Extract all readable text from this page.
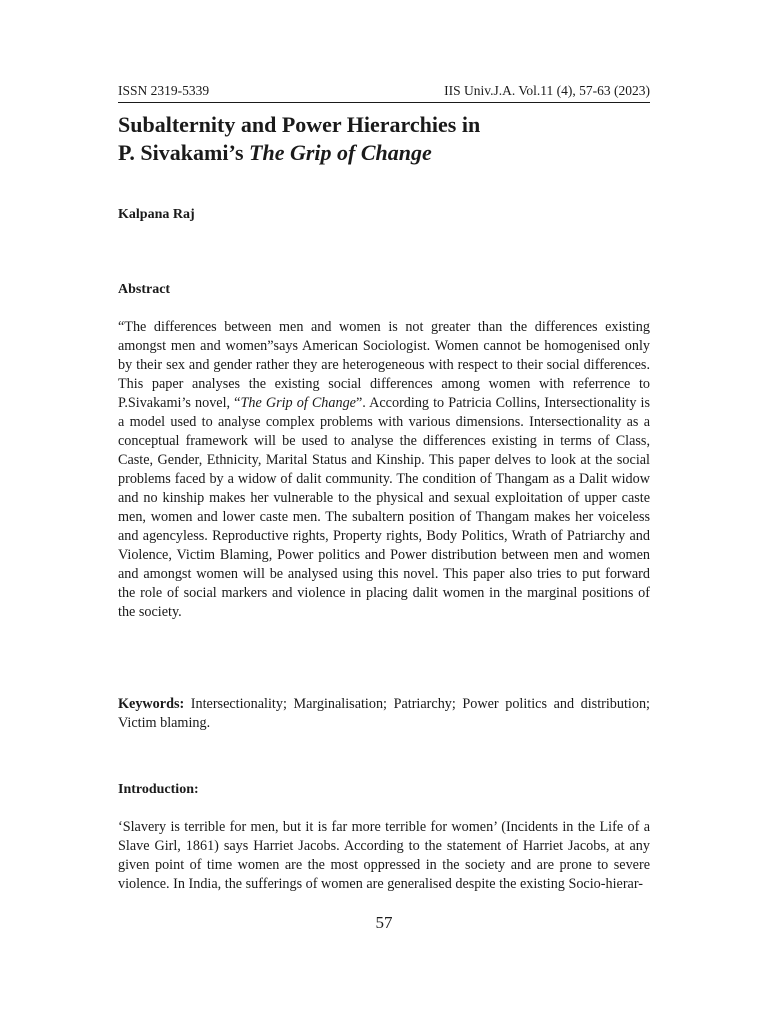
ISSN 2319-5339	IIS Univ.J.A. Vol.11 (4), 57-63 (2023)
Subalternity and Power Hierarchies in
P. Sivakami’s The Grip of Change
Kalpana Raj
Abstract

“The differences between men and women is not greater than the differences existing amongst men and women”says American Sociologist. Women cannot be homogenised only by their sex and gender rather they are heterogeneous with respect to their social differences. This paper analyses the existing social differences among women with referrence to P.Sivakami’s novel, “The Grip of Change”. According to Patricia Collins, Intersectionality is a model used to analyse complex problems with various dimensions. Intersectionality as a conceptual framework will be used to analyse the differences existing in terms of Class, Caste, Gender, Ethnicity, Marital Status and Kinship. This paper delves to look at the social problems faced by a widow of dalit community. The condition of Thangam as a Dalit widow and no kinship makes her vulnerable to the physical and sexual exploitation of upper caste men, women and lower caste men. The subaltern position of Thangam makes her voiceless and agencyless. Reproductive rights, Property rights, Body Politics, Wrath of Patriarchy and Violence, Victim Blaming, Power politics and Power distribution between men and women and amongst women will be analysed using this novel. This paper also tries to put forward the role of social markers and violence in placing dalit women in the marginal positions of the society.

Keywords: Intersectionality; Marginalisation; Patriarchy; Power politics and distribution; Victim blaming.

Introduction:

‘Slavery is terrible for men, but it is far more terrible for women’ (Incidents in the Life of a Slave Girl, 1861) says Harriet Jacobs. According to the statement of Harriet Jacobs, at any given point of time women are the most oppressed in the society and are prone to severe violence. In India, the sufferings of women are generalised despite the existing Socio-hierar-

57
